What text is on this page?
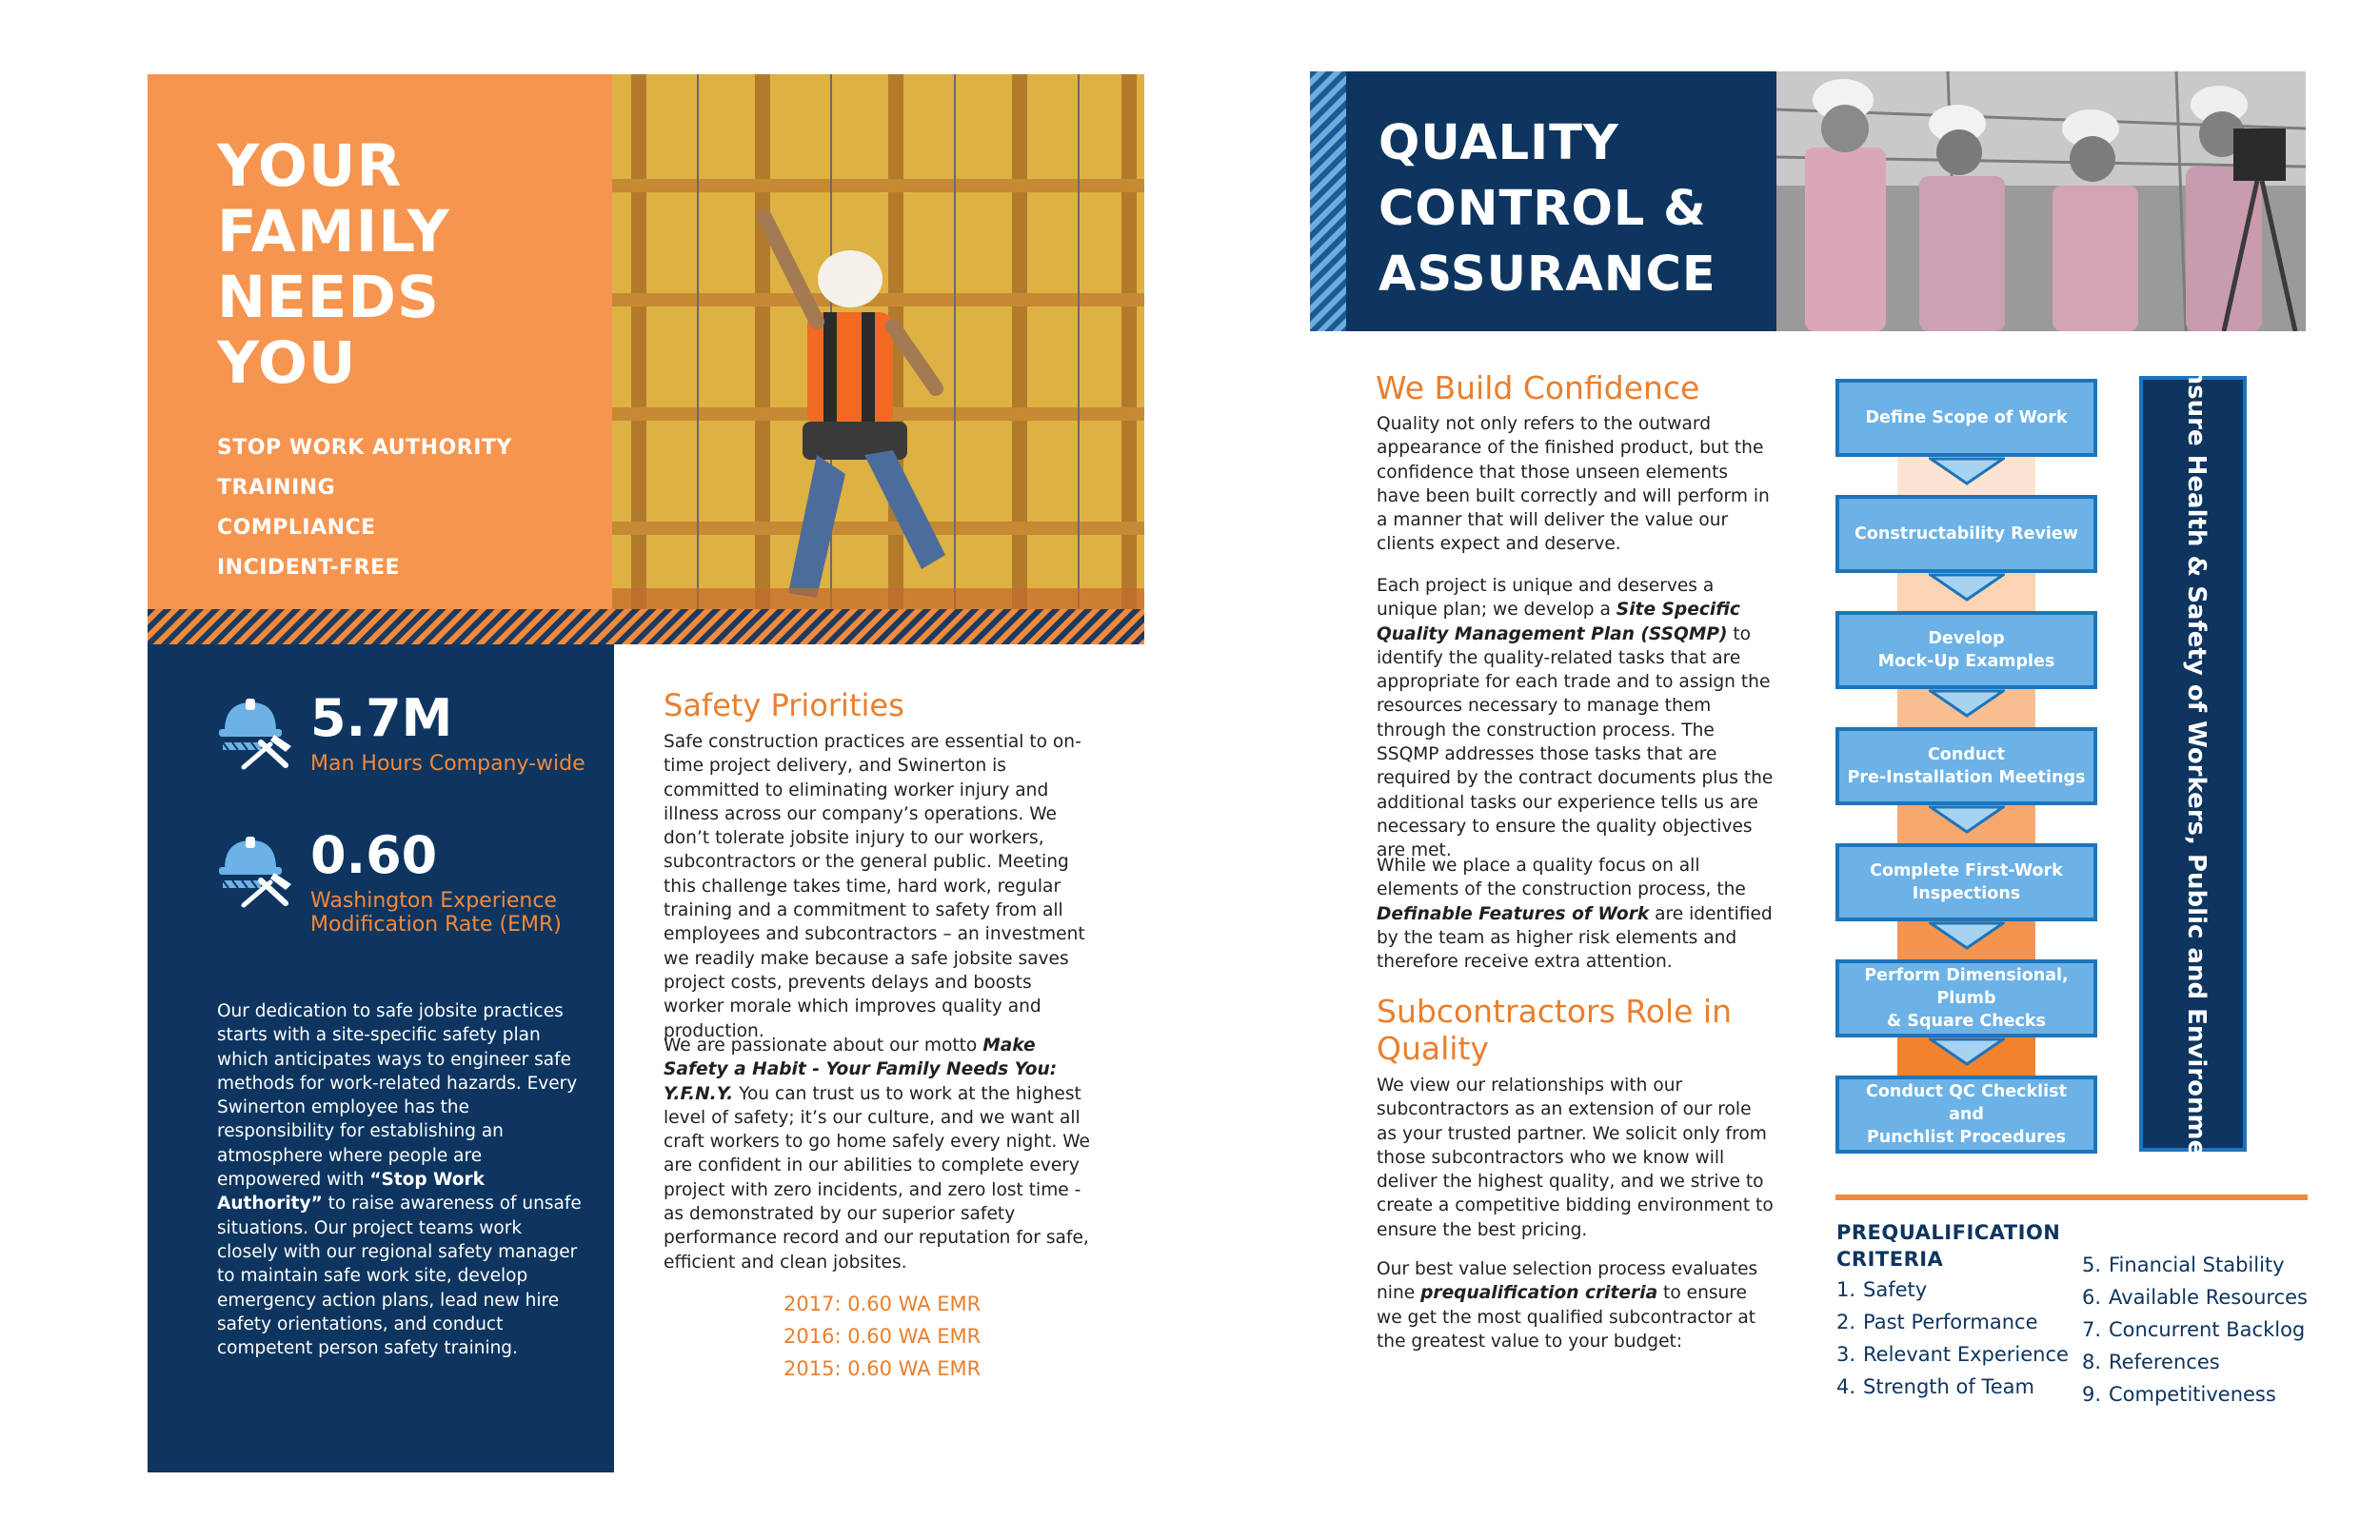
YOUR
FAMILY
NEEDS
YOU
STOP WORK AUTHORITY
TRAINING
COMPLIANCE
INCIDENT-FREE
5.7M
Man Hours Company-wide
0.60
Washington Experience Modification Rate (EMR)
Our dedication to safe jobsite practices starts with a site-specific safety plan which anticipates ways to engineer safe methods for work-related hazards. Every Swinerton employee has the responsibility for establishing an atmosphere where people are empowered with “Stop Work Authority” to raise awareness of unsafe situations. Our project teams work closely with our regional safety manager to maintain safe work site, develop emergency action plans, lead new hire safety orientations, and conduct competent person safety training.
Safety Priorities
Safe construction practices are essential to on-time project delivery, and Swinerton is committed to eliminating worker injury and illness across our company’s operations. We don’t tolerate jobsite injury to our workers, subcontractors or the general public. Meeting this challenge takes time, hard work, regular training and a commitment to safety from all employees and subcontractors – an investment we readily make because a safe jobsite saves project costs, prevents delays and boosts worker morale which improves quality and production.
We are passionate about our motto Make Safety a Habit - Your Family Needs You: Y.F.N.Y. You can trust us to work at the highest level of safety; it’s our culture, and we want all craft workers to go home safely every night. We are confident in our abilities to complete every project with zero incidents, and zero lost time - as demonstrated by our superior safety performance record and our reputation for safe, efficient and clean jobsites.
2017: 0.60 WA EMR
2016: 0.60 WA EMR
2015: 0.60 WA EMR
QUALITY
CONTROL &
ASSURANCE
We Build Confidence
Quality not only refers to the outward appearance of the finished product, but the confidence that those unseen elements have been built correctly and will perform in a manner that will deliver the value our clients expect and deserve.
Each project is unique and deserves a unique plan; we develop a Site Specific Quality Management Plan (SSQMP) to identify the quality-related tasks that are appropriate for each trade and to assign the resources necessary to manage them through the construction process. The SSQMP addresses those tasks that are required by the contract documents plus the additional tasks our experience tells us are necessary to ensure the quality objectives are met.
While we place a quality focus on all elements of the construction process, the Definable Features of Work are identified by the team as higher risk elements and therefore receive extra attention.
Subcontractors Role in Quality
We view our relationships with our subcontractors as an extension of our role as your trusted partner. We solicit only from those subcontractors who we know will deliver the highest quality, and we strive to create a competitive bidding environment to ensure the best pricing.
Our best value selection process evaluates nine prequalification criteria to ensure we get the most qualified subcontractor at the greatest value to your budget:
Define Scope of Work
Constructability Review
Develop
Mock-Up Examples
Conduct
Pre-Installation Meetings
Complete First-Work
Inspections
Perform Dimensional, Plumb
& Square Checks
Conduct QC Checklist and
Punchlist Procedures	Ensure Health & Safety of Workers, Public and Environment
PREQUALIFICATION CRITERIA
1. Safety
2. Past Performance
3. Relevant Experience
4. Strength of Team
5. Financial Stability
6. Available Resources
7. Concurrent Backlog
8. References
9. Competitiveness
